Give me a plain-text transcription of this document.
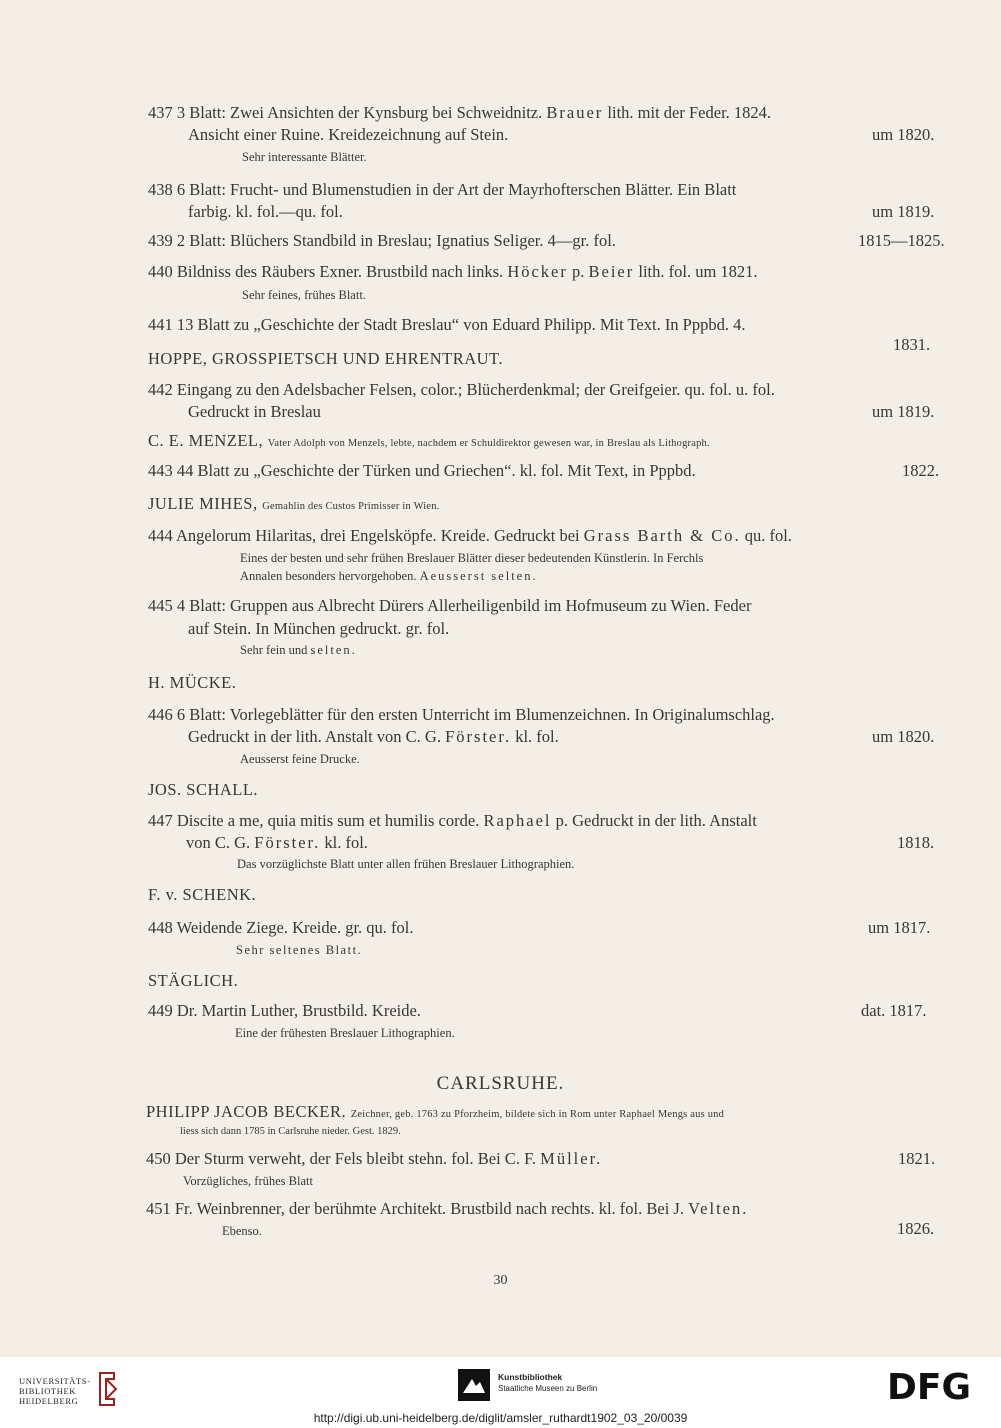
437 3 Blatt: Zwei Ansichten der Kynsburg bei Schweidnitz. Brauer lith. mit der Feder. 1824.
Ansicht einer Ruine. Kreidezeichnung auf Stein.	um 1820.
Sehr interessante Blätter.
438 6 Blatt: Frucht- und Blumenstudien in der Art der Mayrhofterschen Blätter. Ein Blatt
farbig. kl. fol.—qu. fol.	um 1819.
439 2 Blatt: Blüchers Standbild in Breslau; Ignatius Seliger. 4—gr. fol.	1815—1825.
440 Bildniss des Räubers Exner. Brustbild nach links. Höcker p. Beier lith. fol. um 1821.
Sehr feines, frühes Blatt.
441 13 Blatt zu „Geschichte der Stadt Breslau“ von Eduard Philipp. Mit Text. In Pppbd. 4.
1831.
HOPPE, GROSSPIETSCH UND EHRENTRAUT.
442 Eingang zu den Adelsbacher Felsen, color.; Blücherdenkmal; der Greifgeier. qu. fol. u. fol.
Gedruckt in Breslau	um 1819.
C. E. MENZEL, Vater Adolph von Menzels, lebte, nachdem er Schuldirektor gewesen war, in Breslau als Lithograph.
443 44 Blatt zu „Geschichte der Türken und Griechen“. kl. fol. Mit Text, in Pppbd.	1822.
JULIE MIHES, Gemahlin des Custos Primisser in Wien.
444 Angelorum Hilaritas, drei Engelsköpfe. Kreide. Gedruckt bei Grass Barth & Co. qu. fol.
Eines der besten und sehr frühen Breslauer Blätter dieser bedeutenden Künstlerin. In Ferchls
Annalen besonders hervorgehoben. Aeusserst selten.
445 4 Blatt: Gruppen aus Albrecht Dürers Allerheiligenbild im Hofmuseum zu Wien. Feder
auf Stein. In München gedruckt. gr. fol.
Sehr fein und selten.
H. MÜCKE.
446 6 Blatt: Vorlegeblätter für den ersten Unterricht im Blumenzeichnen. In Originalumschlag.
Gedruckt in der lith. Anstalt von C. G. Förster. kl. fol.	um 1820.
Aeusserst feine Drucke.
JOS. SCHALL.
447 Discite a me, quia mitis sum et humilis corde. Raphael p. Gedruckt in der lith. Anstalt
von C. G. Förster. kl. fol.	1818.
Das vorzüglichste Blatt unter allen frühen Breslauer Lithographien.
F. v. SCHENK.
448 Weidende Ziege. Kreide. gr. qu. fol.	um 1817.
Sehr seltenes Blatt.
STÄGLICH.
449 Dr. Martin Luther, Brustbild. Kreide.	dat. 1817.
Eine der frühesten Breslauer Lithographien.
CARLSRUHE.
PHILIPP JACOB BECKER. Zeichner, geb. 1763 zu Pforzheim, bildete sich in Rom unter Raphael Mengs aus und
liess sich dann 1785 in Carlsruhe nieder. Gest. 1829.
450 Der Sturm verweht, der Fels bleibt stehn. fol. Bei C. F. Müller.	1821.
Vorzügliches, frühes Blatt
451 Fr. Weinbrenner, der berühmte Architekt. Brustbild nach rechts. kl. fol. Bei J. Velten.
Ebenso.	1826.
30
UNIVERSITÄTS-
BIBLIOTHEK
HEIDELBERG
Kunstbibliothek
Staatliche Museen zu Berlin	DFG
http://digi.ub.uni-heidelberg.de/diglit/amsler_ruthardt1902_03_20/0039
